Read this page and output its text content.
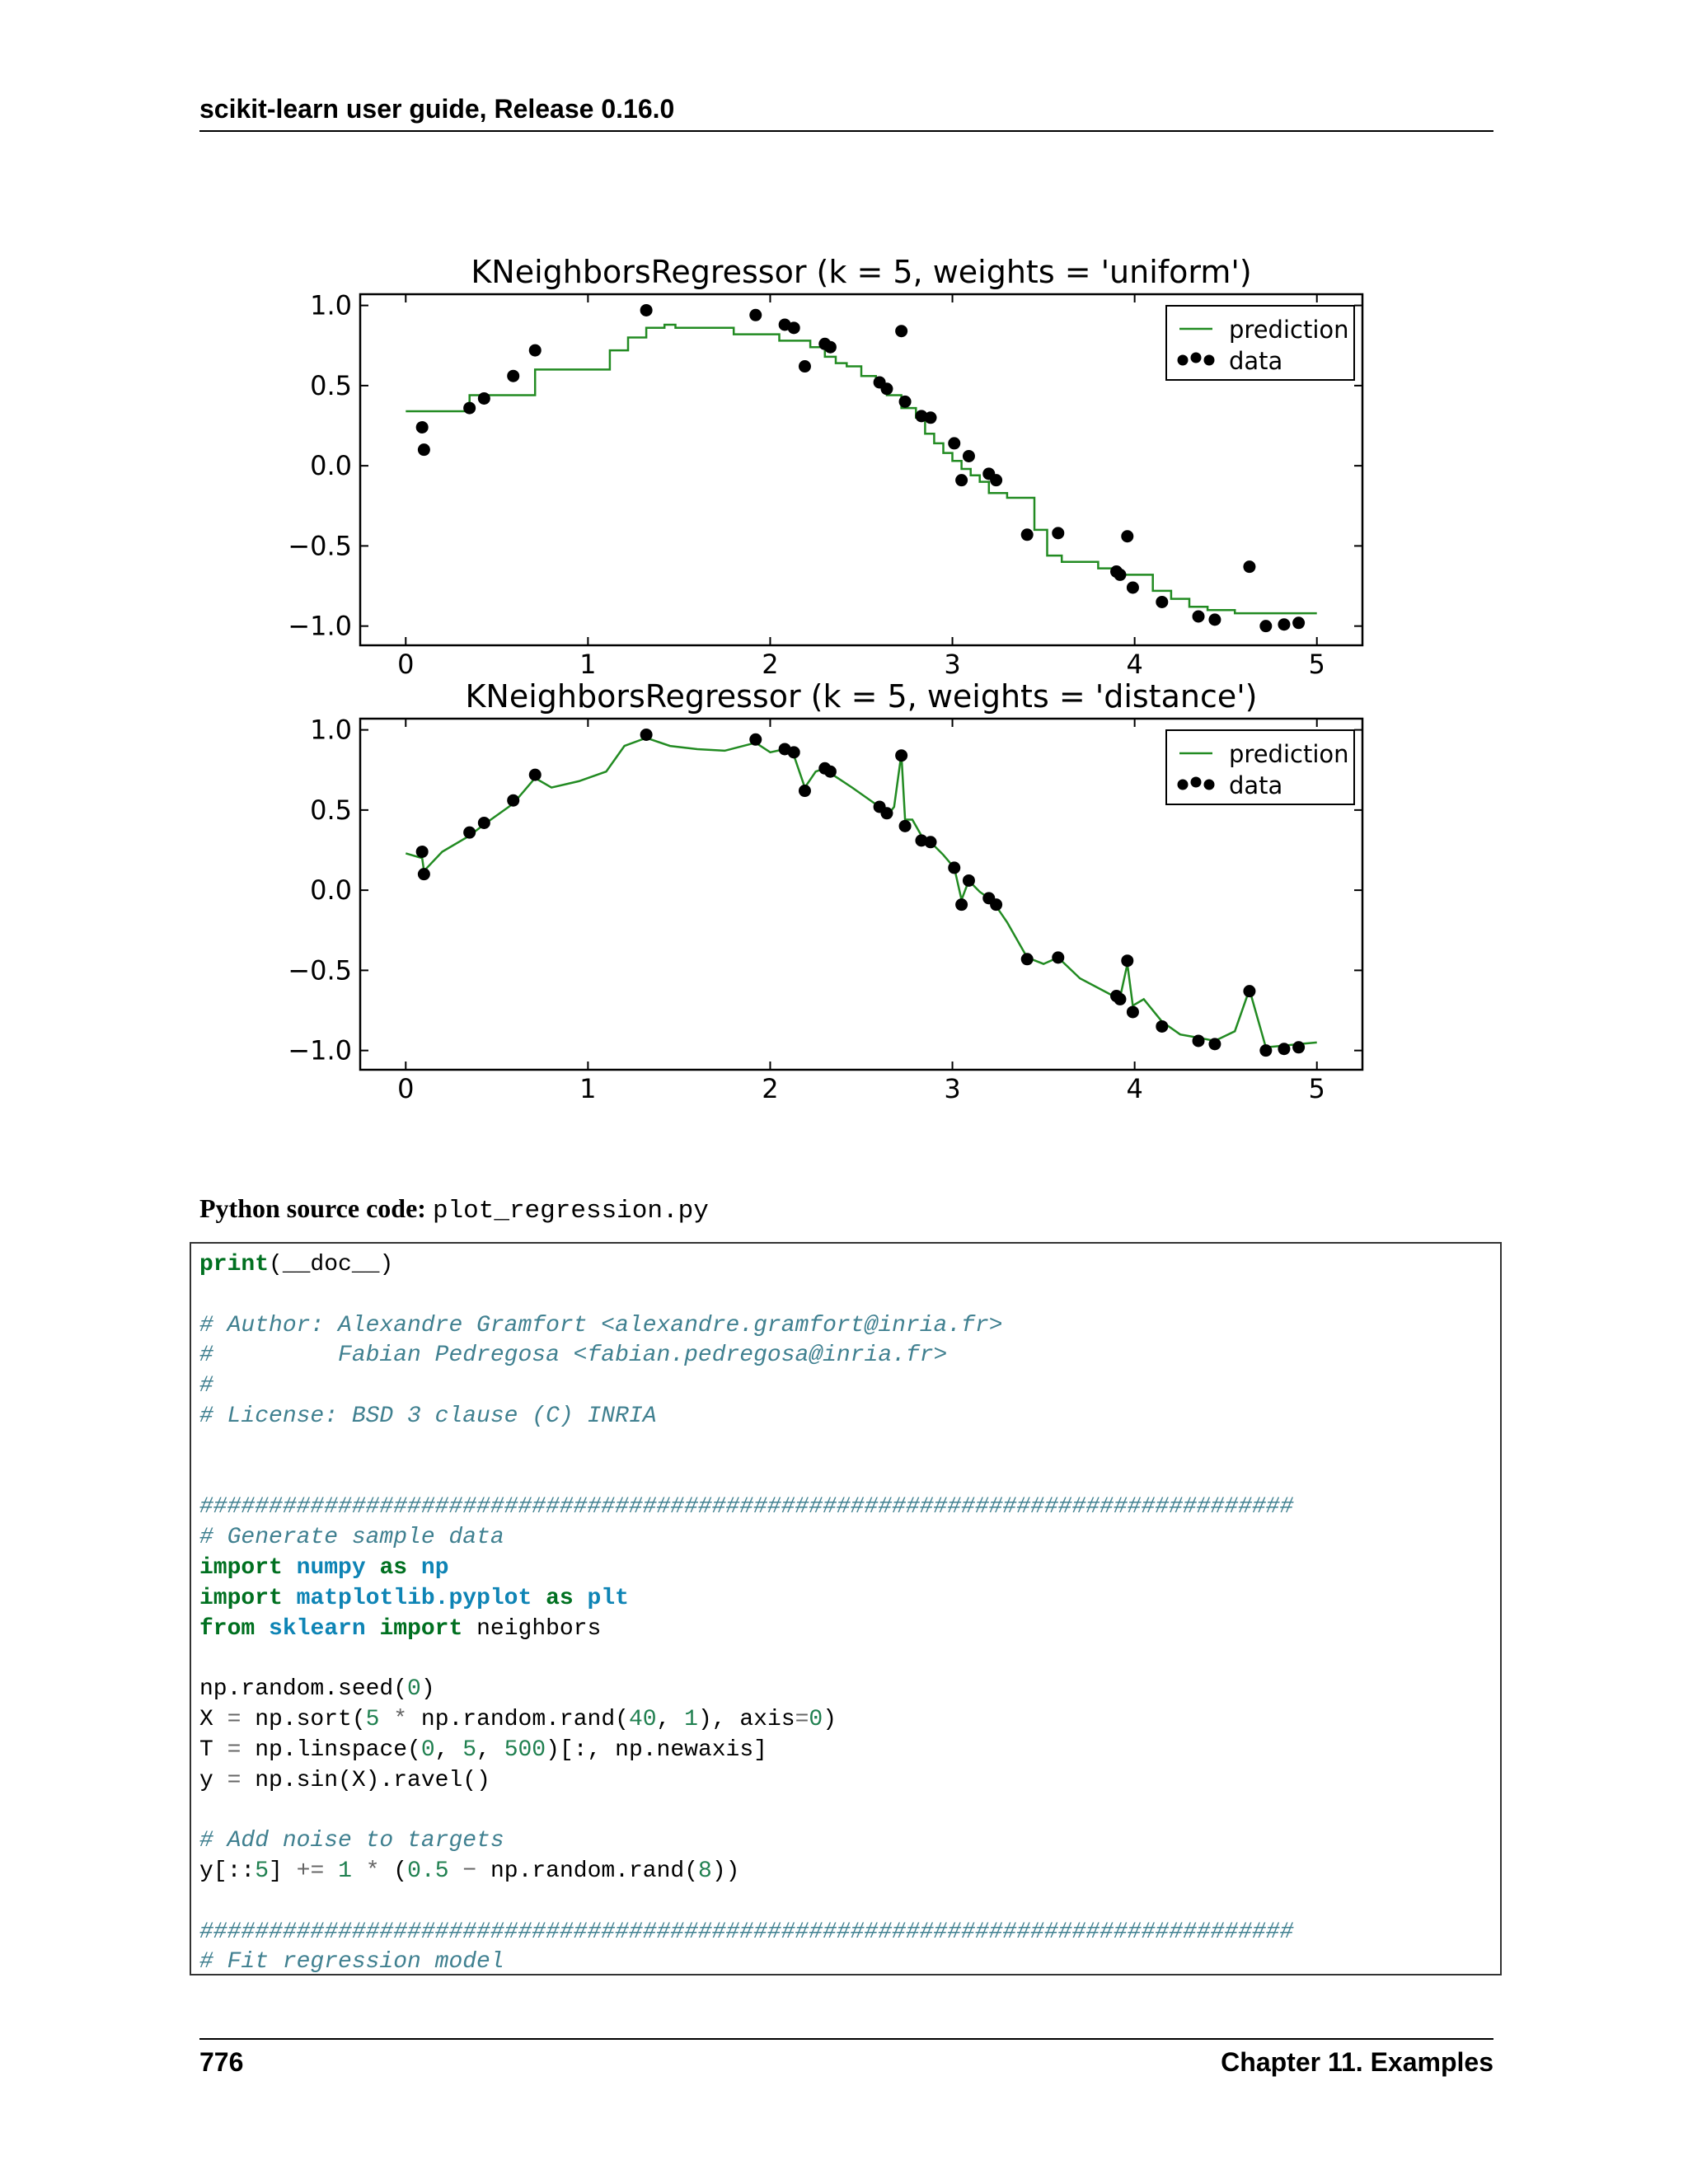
scikit-learn user guide, Release 0.16.0
KNeighborsRegressor (k = 5, weights = 'uniform')
0	1	2	3	4	5
1.0
0.5
0.0
−0.5
−1.0
prediction
data
KNeighborsRegressor (k = 5, weights = 'distance')
0	1	2	3	4	5
1.0
0.5
0.0
−0.5
−1.0
prediction
data
Python source code: plot_regression.py
print(__doc__)

# Author: Alexandre Gramfort <alexandre.gramfort@inria.fr>
#         Fabian Pedregosa <fabian.pedregosa@inria.fr>
#
# License: BSD 3 clause (C) INRIA

###############################################################################
# Generate sample data
import numpy as np
import matplotlib.pyplot as plt
from sklearn import neighbors

np.random.seed(0)
X = np.sort(5 * np.random.rand(40, 1), axis=0)
T = np.linspace(0, 5, 500)[:, np.newaxis]
y = np.sin(X).ravel()

# Add noise to targets
y[::5] += 1 * (0.5 − np.random.rand(8))

###############################################################################
# Fit regression model
776	Chapter 11. Examples
